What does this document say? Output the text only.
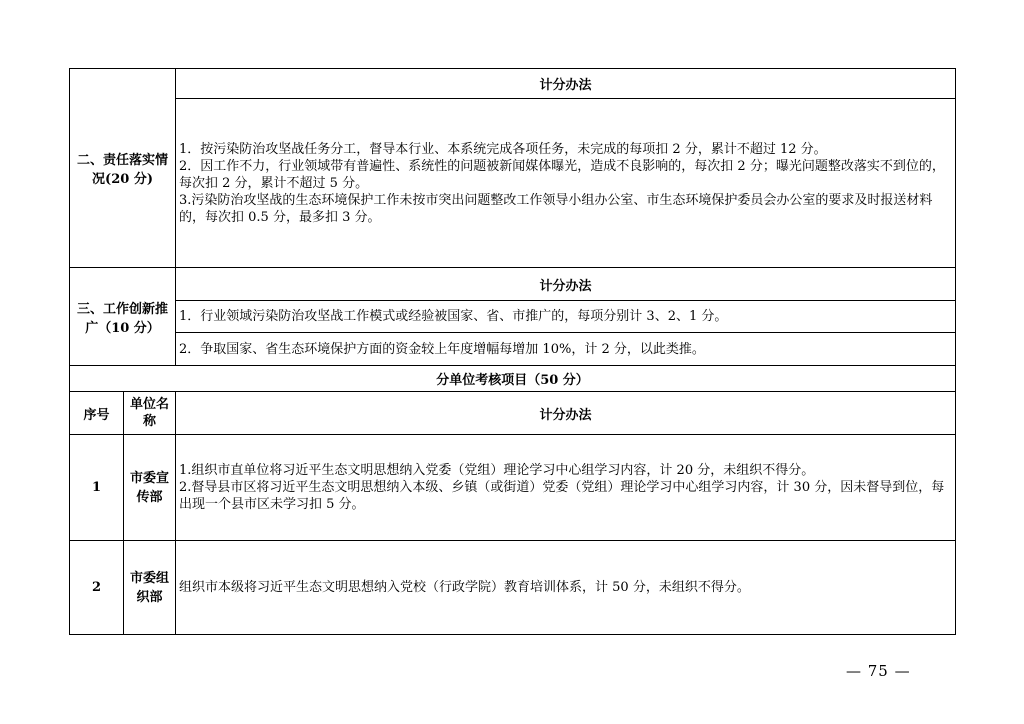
二、责任落实情况(20 分)		计分办法

		1．按污染防治攻坚战任务分工，督导本行业、本系统完成各项任务，未完成的每项扣 2 分，累计不超过 12 分。
2．因工作不力，行业领域带有普遍性、系统性的问题被新闻媒体曝光，造成不良影响的，每次扣 2 分；曝光问题整改落实不到位的，每次扣 2 分，累计不超过 5 分。
3.污染防治攻坚战的生态环境保护工作未按市突出问题整改工作领导小组办公室、市生态环境保护委员会办公室的要求及时报送材料的，每次扣 0.5 分，最多扣 3 分。

三、工作创新推广（10 分）		计分办法
		1．行业领域污染防治攻坚战工作模式或经验被国家、省、市推广的，每项分别计 3、2、1 分。
		2．争取国家、省生态环境保护方面的资金较上年度增幅每增加 10%，计 2 分，以此类推。
分单位考核项目（50 分）		
序号	单位名称	计分办法
1	市委宣传部	1.组织市直单位将习近平生态文明思想纳入党委（党组）理论学习中心组学习内容，计 20 分，未组织不得分。
2.督导县市区将习近平生态文明思想纳入本级、乡镇（或街道）党委（党组）理论学习中心组学习内容，计 30 分，因未督导到位，每出现一个县市区未学习扣 5 分。

2	市委组织部	组织市本级将习近平生态文明思想纳入党校（行政学院）教育培训体系，计 50 分，未组织不得分。
— 75 —
